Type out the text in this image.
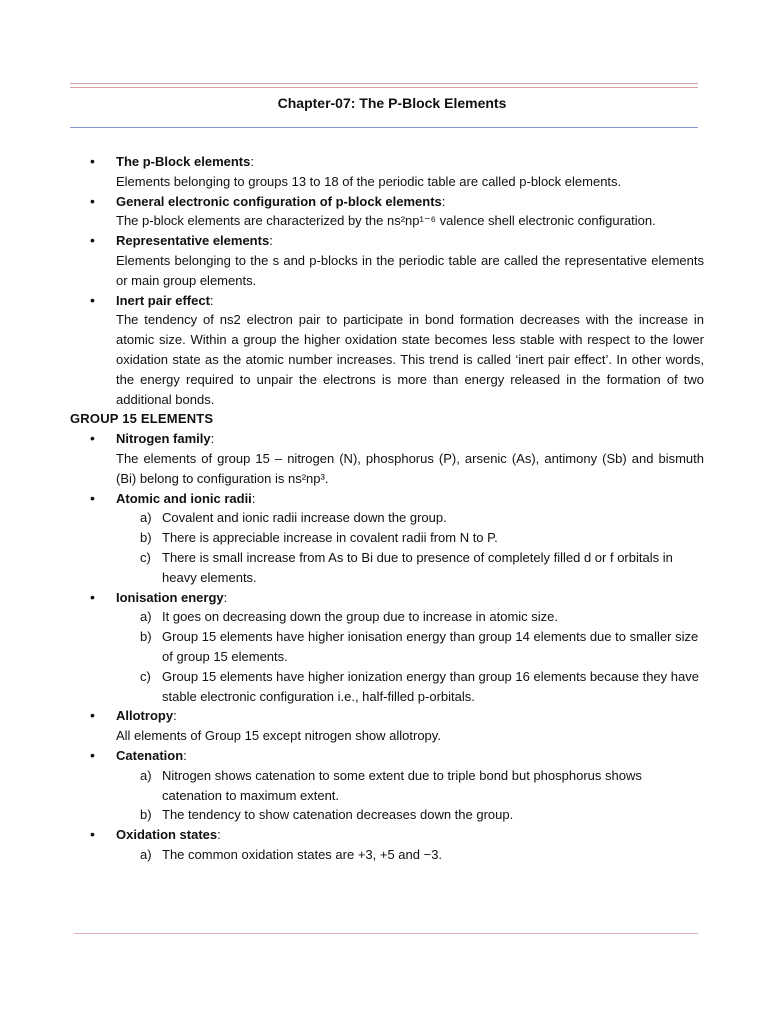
Chapter-07: The P-Block Elements
• The p-Block elements:
Elements belonging to groups 13 to 18 of the periodic table are called p-block elements.
• General electronic configuration of p-block elements:
The p-block elements are characterized by the ns²np¹⁻⁶ valence shell electronic configuration.
• Representative elements:
Elements belonging to the s and p-blocks in the periodic table are called the representative elements or main group elements.
• Inert pair effect:
The tendency of ns2 electron pair to participate in bond formation decreases with the increase in atomic size. Within a group the higher oxidation state becomes less stable with respect to the lower oxidation state as the atomic number increases. This trend is called ‘inert pair effect’. In other words, the energy required to unpair the electrons is more than energy released in the formation of two additional bonds.
GROUP 15 ELEMENTS
• Nitrogen family:
The elements of group 15 – nitrogen (N), phosphorus (P), arsenic (As), antimony (Sb) and bismuth (Bi) belong to configuration is ns²np³.
• Atomic and ionic radii:
a) Covalent and ionic radii increase down the group.
b) There is appreciable increase in covalent radii from N to P.
c) There is small increase from As to Bi due to presence of completely filled d or f orbitals in heavy elements.
• Ionisation energy:
a) It goes on decreasing down the group due to increase in atomic size.
b) Group 15 elements have higher ionisation energy than group 14 elements due to smaller size of group 15 elements.
c) Group 15 elements have higher ionization energy than group 16 elements because they have stable electronic configuration i.e., half-filled p-orbitals.
• Allotropy:
All elements of Group 15 except nitrogen show allotropy.
• Catenation:
a) Nitrogen shows catenation to some extent due to triple bond but phosphorus shows catenation to maximum extent.
b) The tendency to show catenation decreases down the group.
• Oxidation states:
a) The common oxidation states are +3, +5 and −3.
